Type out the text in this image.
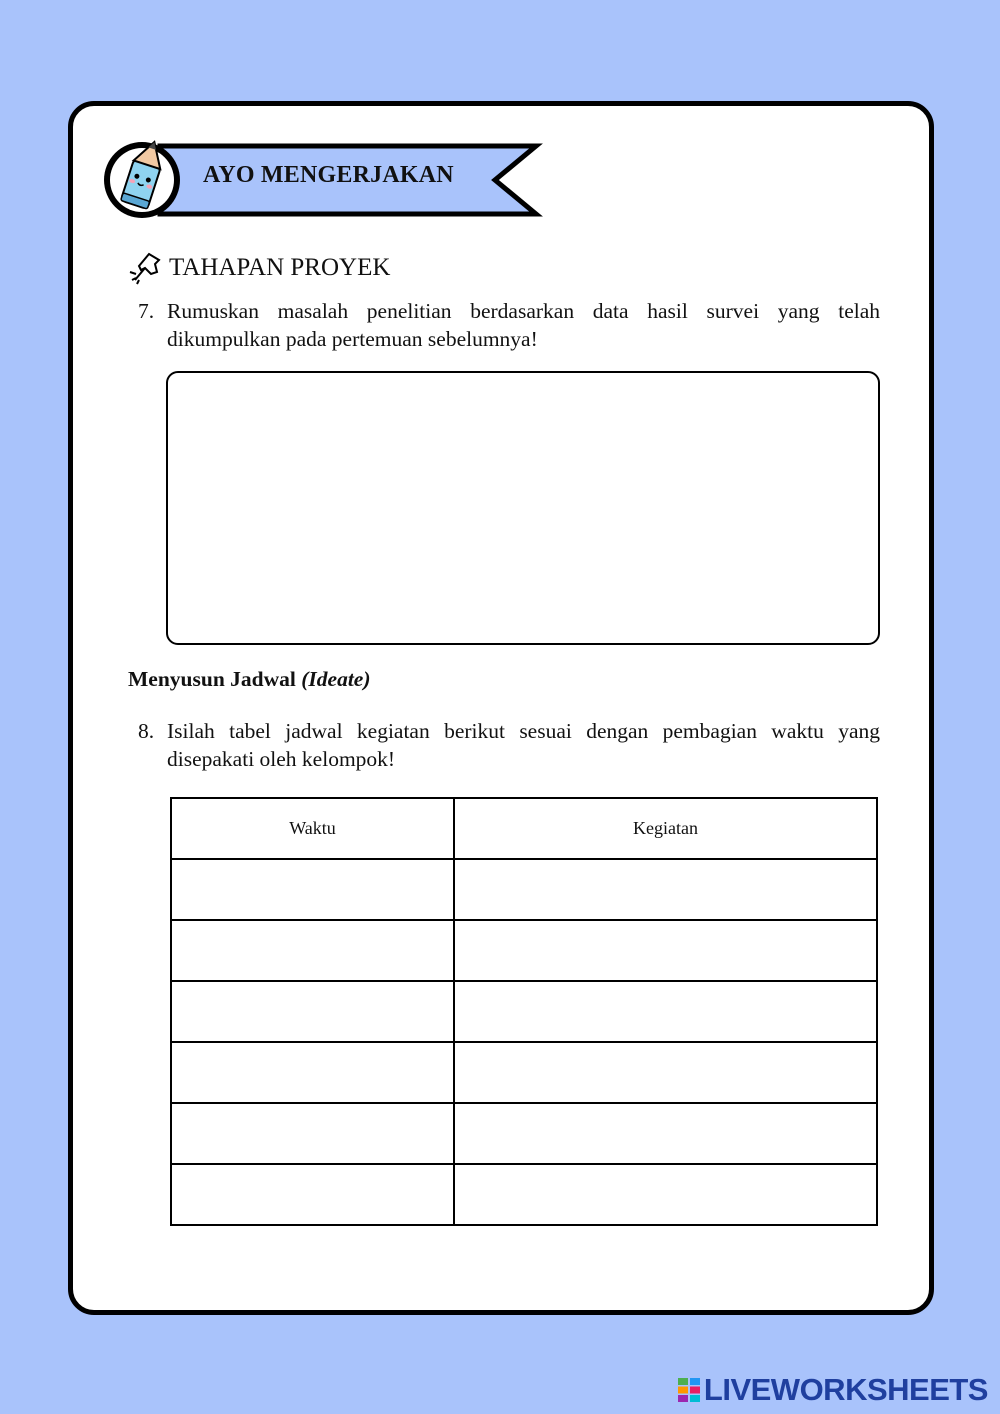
AYO MENGERJAKAN
TAHAPAN PROYEK
7. Rumuskan masalah penelitian berdasarkan data hasil survei yang telah dikumpulkan pada pertemuan sebelumnya!
Menyusun Jadwal (Ideate)
8. Isilah tabel jadwal kegiatan berikut sesuai dengan pembagian waktu yang disepakati oleh kelompok!
Waktu	Kegiatan

LIVEWORKSHEETS
